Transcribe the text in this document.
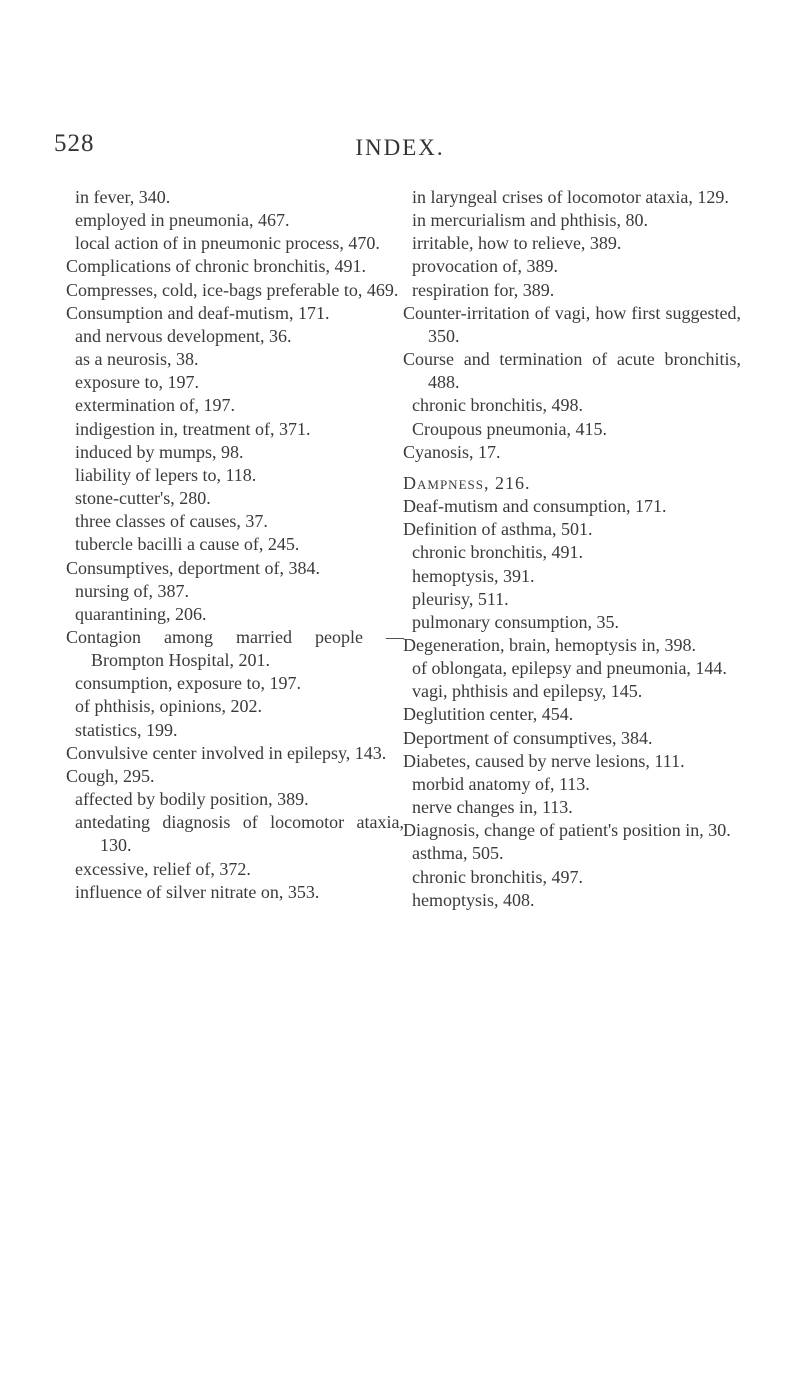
528	INDEX.
in fever, 340.
employed in pneumonia, 467.
local action of in pneumonic process, 470.
Complications of chronic bronchitis, 491.
Compresses, cold, ice-bags preferable to, 469.
Consumption and deaf-mutism, 171.
and nervous development, 36.
as a neurosis, 38.
exposure to, 197.
extermination of, 197.
indigestion in, treatment of, 371.
induced by mumps, 98.
liability of lepers to, 118.
stone-cutter's, 280.
three classes of causes, 37.
tubercle bacilli a cause of, 245.
Consumptives, deportment of, 384.
nursing of, 387.
quarantining, 206.
Contagion among married people — Brompton Hospital, 201.
consumption, exposure to, 197.
of phthisis, opinions, 202.
statistics, 199.
Convulsive center involved in epilepsy, 143.
Cough, 295.
affected by bodily position, 389.
antedating diagnosis of locomotor ataxia, 130.
excessive, relief of, 372.
influence of silver nitrate on, 353.
in laryngeal crises of locomotor ataxia, 129.
in mercurialism and phthisis, 80.
irritable, how to relieve, 389.
provocation of, 389.
respiration for, 389.
Counter-irritation of vagi, how first suggested, 350.
Course and termination of acute bronchitis, 488.
chronic bronchitis, 498.
Croupous pneumonia, 415.
Cyanosis, 17.
Dampness, 216.
Deaf-mutism and consumption, 171.
Definition of asthma, 501.
chronic bronchitis, 491.
hemoptysis, 391.
pleurisy, 511.
pulmonary consumption, 35.
Degeneration, brain, hemoptysis in, 398.
of oblongata, epilepsy and pneumonia, 144.
vagi, phthisis and epilepsy, 145.
Deglutition center, 454.
Deportment of consumptives, 384.
Diabetes, caused by nerve lesions, 111.
morbid anatomy of, 113.
nerve changes in, 113.
Diagnosis, change of patient's position in, 30.
asthma, 505.
chronic bronchitis, 497.
hemoptysis, 408.
